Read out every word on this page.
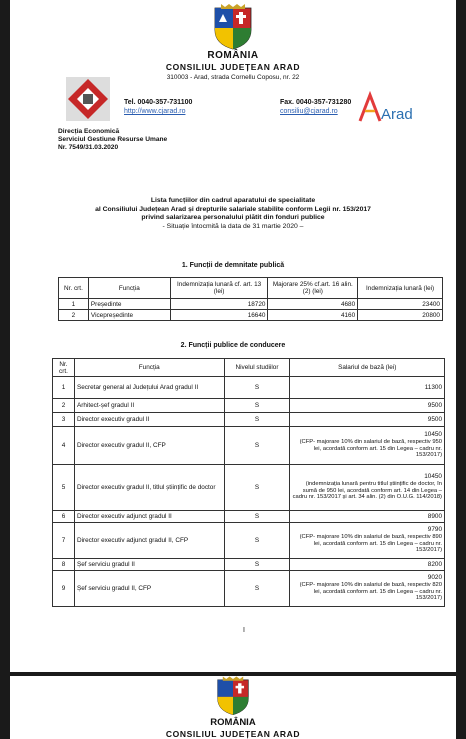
ROMÂNIA
CONSILIUL JUDEȚEAN ARAD
310003 - Arad, strada Cornellu Coposu, nr. 22
Tel. 0040-357-731100
http://www.cjarad.ro
Fax. 0040-357-731280
consiliu@cjarad.ro	Arad
Direcția Economică
Serviciul Gestiune Resurse Umane
Nr. 7549/31.03.2020
Lista funcțiilor din cadrul aparatului de specialitate
al Consiliului Județean Arad și drepturile salariale stabilite conform Legii nr. 153/2017
privind salarizarea personalului plătit din fonduri publice
- Situație întocmită la data de 31 martie 2020 –
1. Funcții de demnitate publică
Nr. crt.	Funcția	Indemnizația lunară cf. art. 13 (lei)	Majorare 25% cf.art. 16 alin. (2) (lei)	Indemnizația lunară (lei)
1	Președinte	18720	4680	23400
2	Vicepreședinte	16640	4160	20800
2. Funcții publice de conducere
Nr. crt.	Funcția	Nivelul studiilor	Salariul de bază (lei)
1	Secretar general al Județului Arad gradul II	S	11300
2	Arhitect-șef gradul II	S	9500
3	Director executiv gradul II	S	9500
4	Director executiv gradul II, CFP	S	10450
(CFP- majorare 10% din salariul de bază, respectiv 950 lei, acordată conform art. 15 din Legea – cadru nr. 153/2017)

5	Director executiv gradul II, titlul științific de doctor	S	10450
(indemnizația lunară pentru titlul științific de doctor, în sumă de 950 lei, acordată conform art. 14 din Legea – cadru nr. 153/2017 și art. 34 alin. (2) din O.U.G. 114/2018)

6	Director executiv adjunct gradul II	S	8900
7	Director executiv adjunct gradul II, CFP	S	9790
(CFP- majorare 10% din salariul de bază, respectiv 890 lei, acordată conform art. 15 din Legea – cadru nr. 153/2017)

8	Șef serviciu gradul II	S	8200
9	Șef serviciu gradul II, CFP	S	9020
(CFP- majorare 10% din salariul de bază, respectiv 820 lei, acordată conform art. 15 din Legea – cadru nr. 153/2017)
I
ROMÂNIA
CONSILIUL JUDEȚEAN ARAD
